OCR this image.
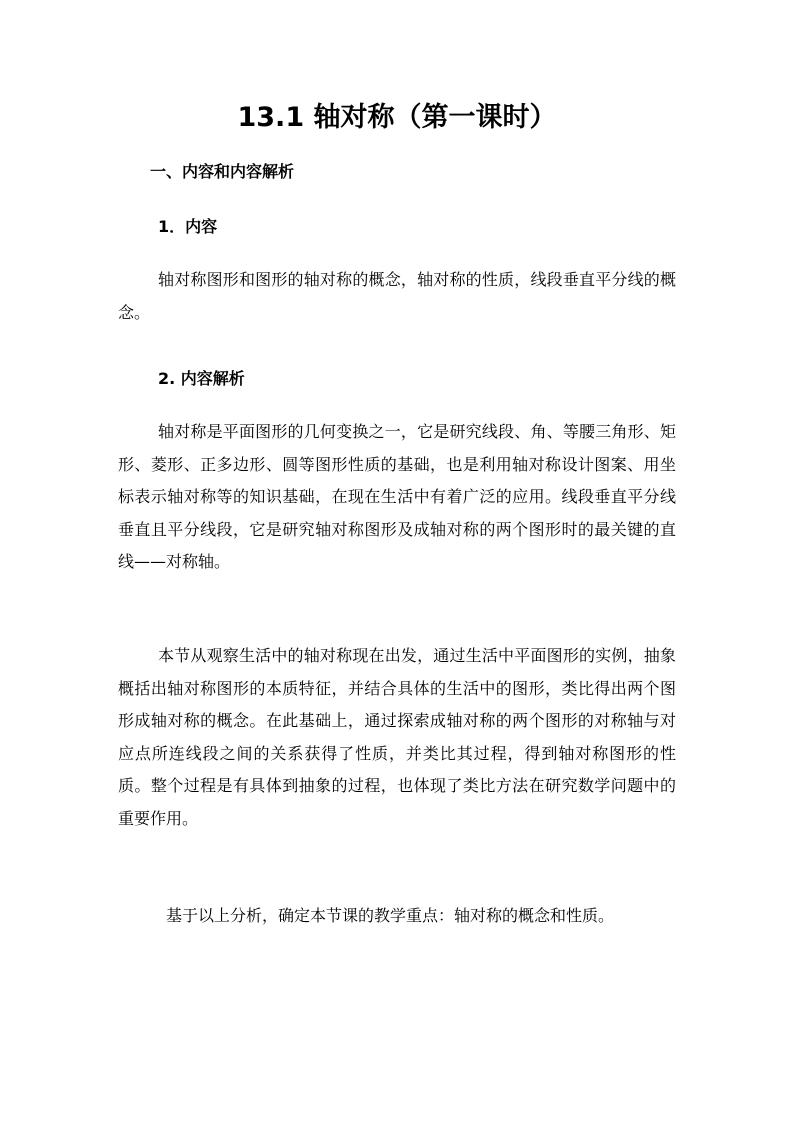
13.1 轴对称（第一课时）
一、内容和内容解析
1．内容

轴对称图形和图形的轴对称的概念，轴对称的性质，线段垂直平分线的概念。

2. 内容解析

轴对称是平面图形的几何变换之一，它是研究线段、角、等腰三角形、矩形、菱形、正多边形、圆等图形性质的基础，也是利用轴对称设计图案、用坐标表示轴对称等的知识基础，在现在生活中有着广泛的应用。线段垂直平分线垂直且平分线段，它是研究轴对称图形及成轴对称的两个图形时的最关键的直线——对称轴。

本节从观察生活中的轴对称现在出发，通过生活中平面图形的实例，抽象概括出轴对称图形的本质特征，并结合具体的生活中的图形，类比得出两个图形成轴对称的概念。在此基础上，通过探索成轴对称的两个图形的对称轴与对应点所连线段之间的关系获得了性质，并类比其过程，得到轴对称图形的性质。整个过程是有具体到抽象的过程，也体现了类比方法在研究数学问题中的重要作用。

基于以上分析，确定本节课的教学重点：轴对称的概念和性质。
